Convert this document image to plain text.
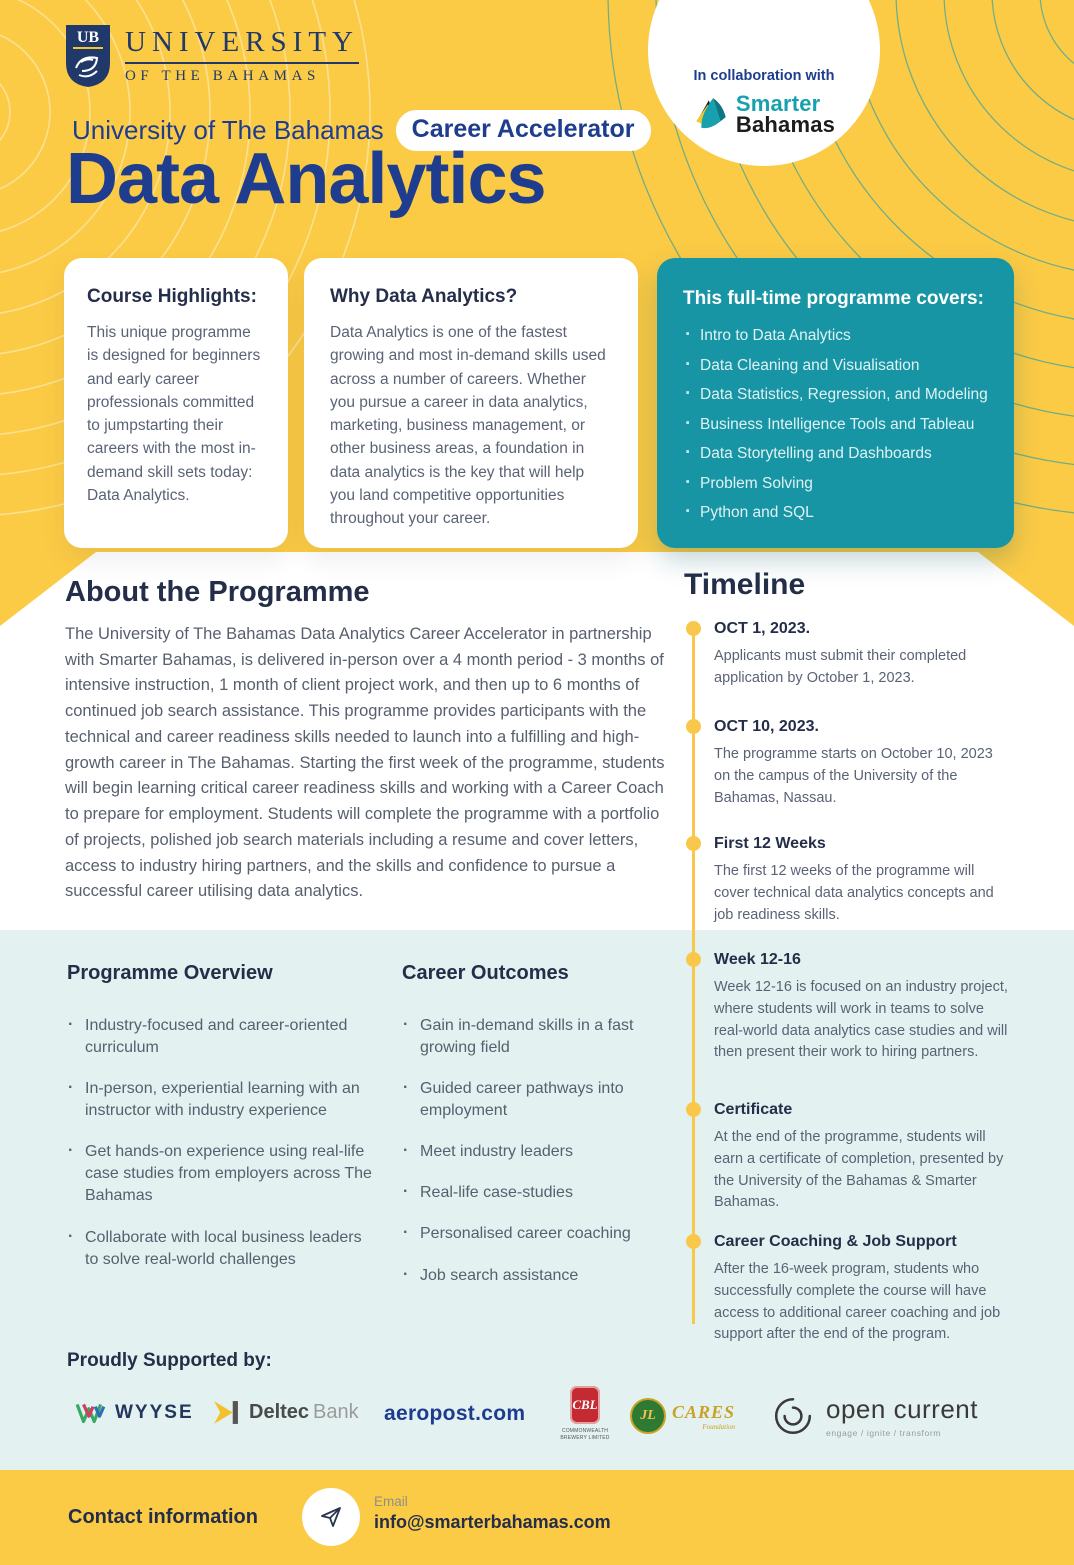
UB UNIVERSITY
OF THE BAHAMAS	In collaboration with
Smarter
Bahamas
University of The Bahamas	Career Accelerator
Data Analytics
Course Highlights:

This unique programme is designed for beginners and early career professionals committed to jumpstarting their careers with the most in-demand skill sets today: Data Analytics.

Why Data Analytics?

Data Analytics is one of the fastest growing and most in-demand skills used across a number of careers. Whether you pursue a career in data analytics, marketing, business management, or other business areas, a foundation in data analytics is the key that will help you land competitive opportunities throughout your career.

This full-time programme covers:
· Intro to Data Analytics
· Data Cleaning and Visualisation
· Data Statistics, Regression, and Modeling
· Business Intelligence Tools and Tableau
· Data Storytelling and Dashboards
· Problem Solving
· Python and SQL
About the Programme

The University of The Bahamas Data Analytics Career Accelerator in partnership with Smarter Bahamas, is delivered in-person over a 4 month period - 3 months of intensive instruction, 1 month of client project work, and then up to 6 months of continued job search assistance. This programme provides participants with the technical and career readiness skills needed to launch into a fulfilling and high-growth career in The Bahamas. Starting the first week of the programme, students will begin learning critical career readiness skills and working with a Career Coach to prepare for employment. Students will complete the programme with a portfolio of projects, polished job search materials including a resume and cover letters, access to industry hiring partners, and the skills and confidence to pursue a successful career utilising data analytics.

Timeline
OCT 1, 2023.

Applicants must submit their completed application by October 1, 2023.

OCT 10, 2023.

The programme starts on October 10, 2023 on the campus of the University of the Bahamas, Nassau.

First 12 Weeks

The first 12 weeks of the programme will cover technical data analytics concepts and job readiness skills.

Week 12-16

Week 12-16 is focused on an industry project, where students will work in teams to solve real-world data analytics case studies and will then present their work to hiring partners.

Certificate

At the end of the programme, students will earn a certificate of completion, presented by the University of the Bahamas & Smarter Bahamas.

Career Coaching & Job Support

After the 16-week program, students who successfully complete the course will have access to additional career coaching and job support after the end of the program.

Programme Overview
· Industry-focused and career-oriented curriculum
· In-person, experiential learning with an instructor with industry experience
· Get hands-on experience using real-life case studies from employers across The Bahamas
· Collaborate with local business leaders to solve real-world challenges
Career Outcomes
· Gain in-demand skills in a fast growing field
· Guided career pathways into employment
· Meet industry leaders
· Real-life case-studies
· Personalised career coaching
· Job search assistance
Proudly Supported by:
WYYSE	Deltec Bank aeropost.com	CBL
COMMONWEALTH BREWERY LIMITED
JL CARES
Foundation
open current
engage / ignite / transform
Contact information
Email
info@smarterbahamas.com
